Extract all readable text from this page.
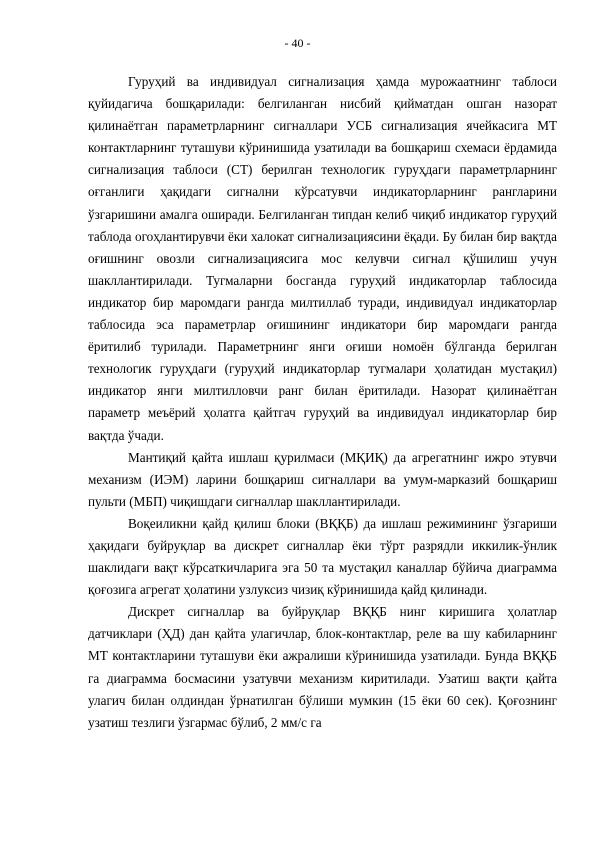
- 40 -

Гуруҳий ва индивидуал сигнализация ҳамда мурожаатнинг таблоси қуйидагича бошқарилади: белгиланган нисбий қийматдан ошган назорат қилинаётган параметрларнинг сигналлари УСБ сигнализация ячейкасига МТ контактларнинг туташуви кўринишида узатилади ва бошқариш схемаси ёрдамида сигнализация таблоси (СТ) берилган технологик гуруҳдаги параметрларнинг оғганлиги ҳақидаги сигнални кўрсатувчи индикаторларнинг рангларини ўзгаришини амалга оширади. Белгиланган типдан келиб чиқиб индикатор гуруҳий таблода огоҳлантирувчи ёки халокат сигнализациясини ёқади. Бу билан бир вақтда оғишнинг овозли сигнализациясига мос келувчи сигнал қўшилиш учун шакллантирилади. Тугмаларни босганда гуруҳий индикаторлар таблосида индикатор бир маромдаги рангда милтиллаб туради, индивидуал индикаторлар таблосида эса параметрлар оғишининг индикатори бир маромдаги рангда ёритилиб турилади. Параметрнинг янги оғиши номоён бўлганда берилган технологик гуруҳдаги (гуруҳий индикаторлар тугмалари ҳолатидан мустақил) индикатор янги милтилловчи ранг билан ёритилади. Назорат қилинаётган параметр меъёрий ҳолатга қайтгач гуруҳий ва индивидуал индикаторлар бир вақтда ўчади.

Мантиқий қайта ишлаш қурилмаси (МҚИҚ) да агрегатнинг ижро этувчи механизм (ИЭМ) ларини бошқариш сигналлари ва умум-марказий бошқариш пульти (МБП) чиқишдаги сигналлар шакллантирилади.

Воқеиликни қайд қилиш блоки (ВҚҚБ) да ишлаш режимининг ўзгариши ҳақидаги буйруқлар ва дискрет сигналлар ёки тўрт разрядли иккилик-ўнлик шаклидаги вақт кўрсаткичларига эга 50 та мустақил каналлар бўйича диаграмма қоғозига агрегат ҳолатини узлуксиз чизиқ кўринишида қайд қилинади.

Дискрет сигналлар ва буйруқлар ВҚҚБ нинг киришига ҳолатлар датчиклари (ҲД) дан қайта улагичлар, блок-контактлар, реле ва шу кабиларнинг МТ контактларини туташуви ёки ажралиши кўринишида узатилади. Бунда ВҚҚБ га диаграмма босмасини узатувчи механизм киритилади. Узатиш вақти қайта улагич билан олдиндан ўрнатилган бўлиши мумкин (15 ёки 60 сек). Қоғознинг узатиш тезлиги ўзгармас бўлиб, 2 мм/с га
